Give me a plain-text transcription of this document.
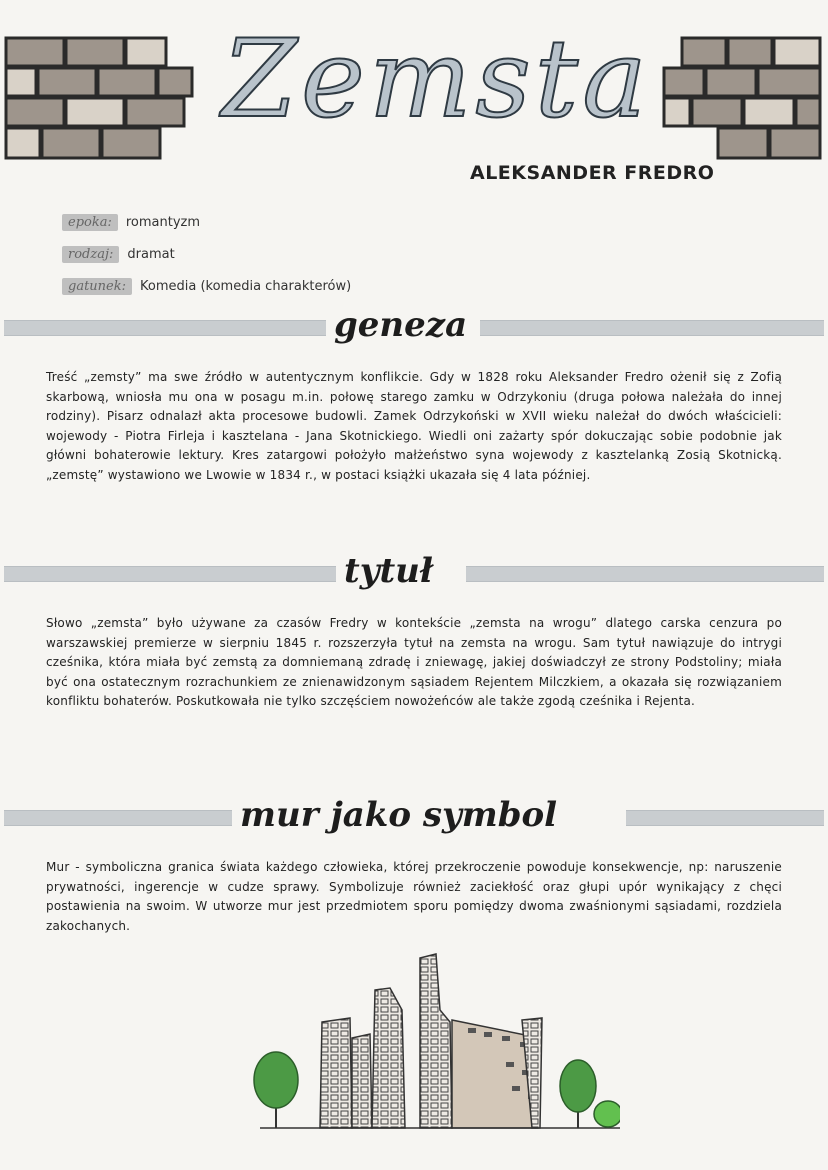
Zemsta
ALEKSANDER FREDRO
epoka:	romantyzm
rodzaj:	dramat
gatunek:	Komedia (komedia charakterów)
geneza
Treść „zemsty” ma swe źródło w autentycznym konflikcie. Gdy w 1828 roku Aleksander Fredro ożenił się z Zofią skarbową, wniosła mu ona w posagu m.in. połowę starego zamku w Odrzykoniu (druga połowa należała do innej rodziny). Pisarz odnalazł akta procesowe budowli. Zamek Odrzykoński w XVII wieku należał do dwóch właścicieli: wojewody - Piotra Firleja i kasztelana - Jana Skotnickiego. Wiedli oni zażarty spór dokuczając sobie podobnie jak główni bohaterowie lektury. Kres zatargowi położyło małżeństwo syna wojewody z kasztelanką Zosią Skotnicką. „zemstę” wystawiono we Lwowie w 1834 r., w postaci książki ukazała się 4 lata później.
tytuł
Słowo „zemsta” było używane za czasów Fredry w kontekście „zemsta na wrogu” dlatego carska cenzura po warszawskiej premierze w sierpniu 1845 r. rozszerzyła tytuł na zemsta na wrogu. Sam tytuł nawiązuje do intrygi cześnika, która miała być zemstą za domniemaną zdradę i zniewagę, jakiej doświadczył ze strony Podstoliny; miała być ona ostatecznym rozrachunkiem ze znienawidzonym sąsiadem Rejentem Milczkiem, a okazała się rozwiązaniem konfliktu bohaterów. Poskutkowała nie tylko szczęściem nowożeńców ale także zgodą cześnika i Rejenta.
mur jako symbol
Mur - symboliczna granica świata każdego człowieka, której przekroczenie powoduje konsekwencje, np: naruszenie prywatności, ingerencje w cudze sprawy. Symbolizuje również zaciekłość oraz głupi upór wynikający z chęci postawienia na swoim. W utworze mur jest przedmiotem sporu pomiędzy dwoma zwaśnionymi sąsiadami, rozdziela zakochanych.
